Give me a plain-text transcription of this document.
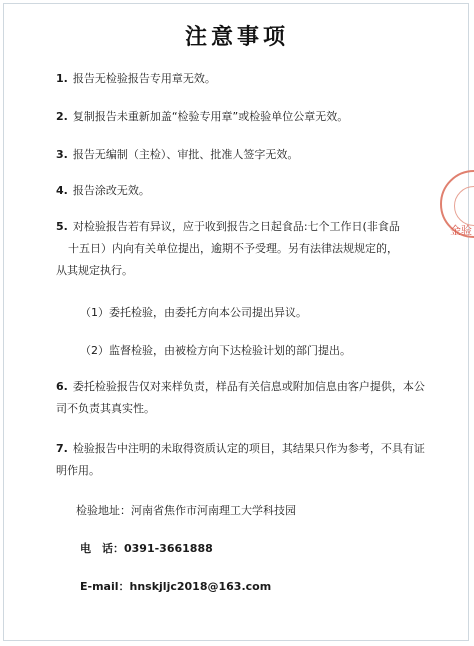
注意事项
1. 报告无检验报告专用章无效。
2. 复制报告未重新加盖“检验专用章”或检验单位公章无效。
3. 报告无编制（主检）、审批、批准人签字无效。
4. 报告涂改无效。
5. 对检验报告若有异议，应于收到报告之日起食品:七个工作日(非食品
十五日）内向有关单位提出，逾期不予受理。另有法律法规规定的，
从其规定执行。
（1）委托检验，由委托方向本公司提出异议。
（2）监督检验，由被检方向下达检验计划的部门提出。
6. 委托检验报告仅对来样负责，样品有关信息或附加信息由客户提供，本公
司不负责其真实性。
7. 检验报告中注明的未取得资质认定的项目，其结果只作为参考，不具有证
明作用。
检验地址：河南省焦作市河南理工大学科技园
电　话：0391-3661888
E-mail：hnskjljc2018@163.com
金验
